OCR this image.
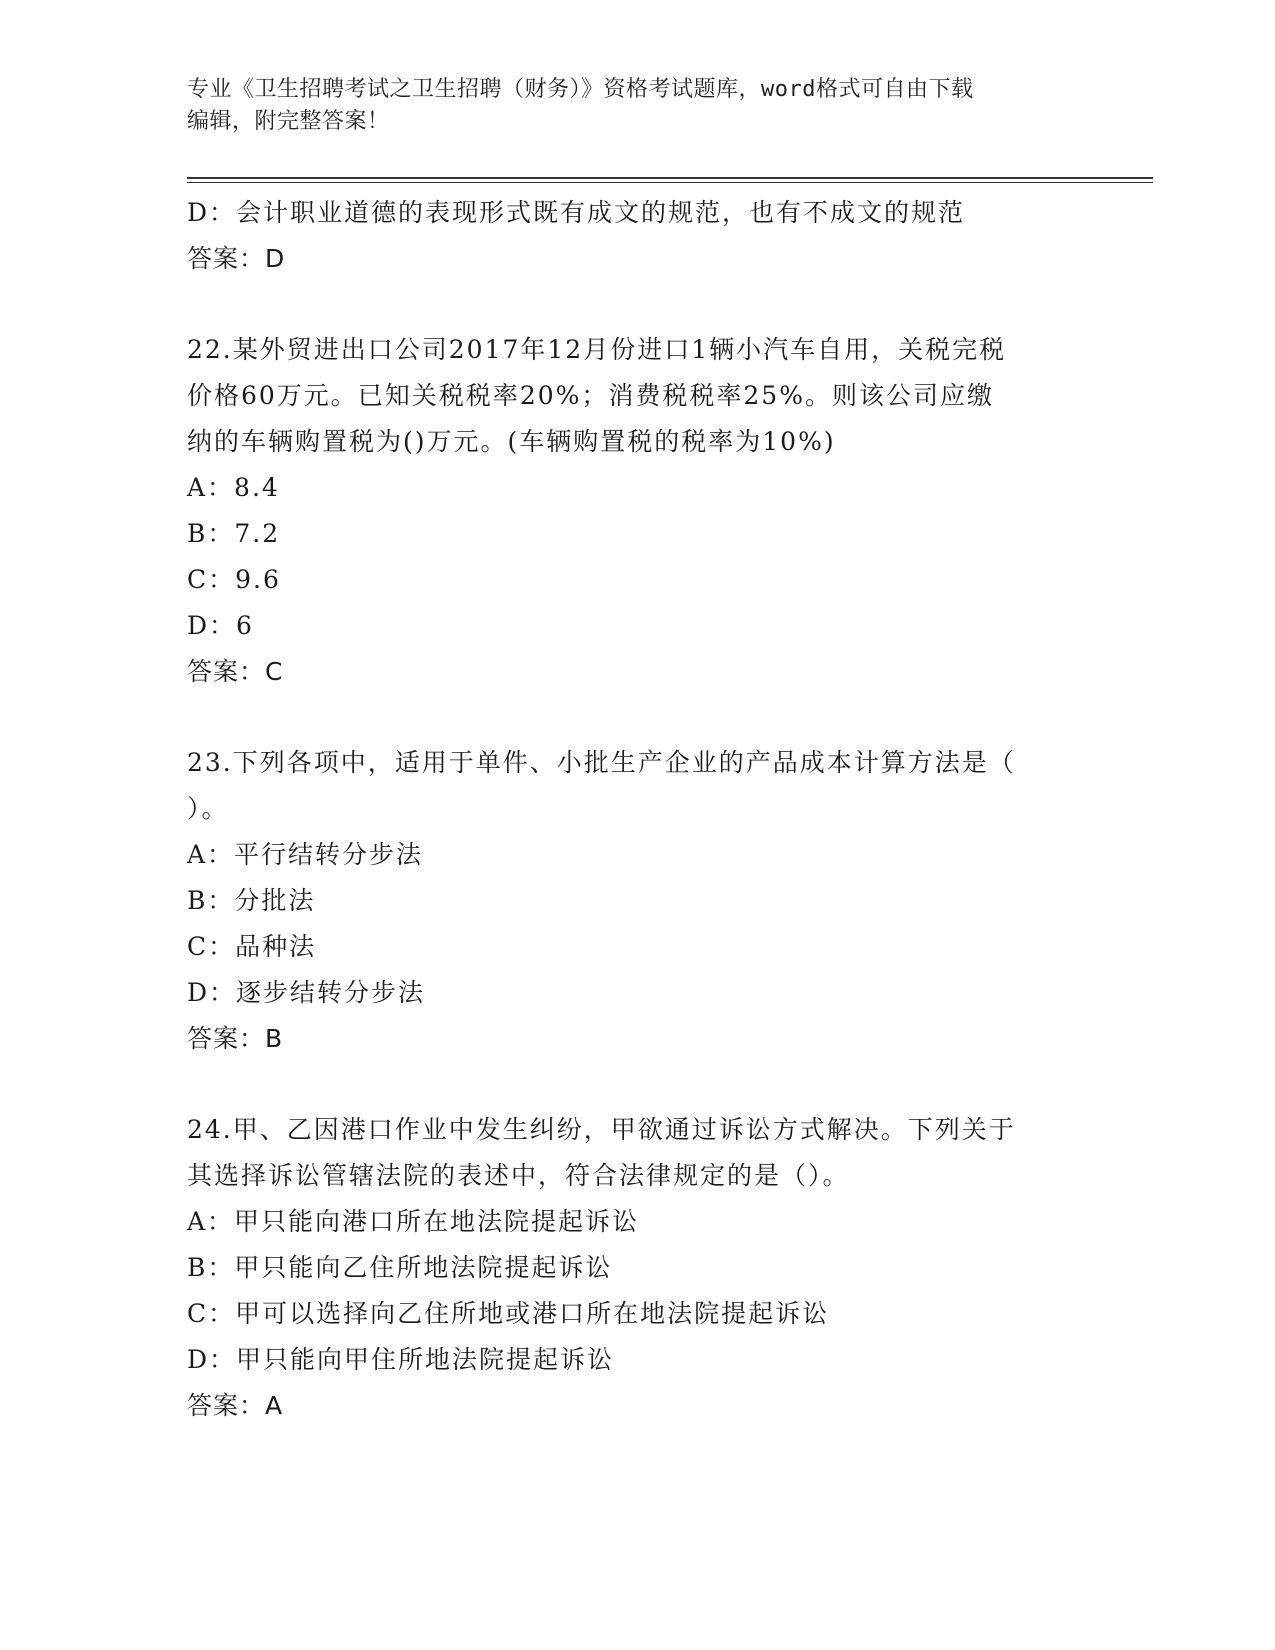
专业《卫生招聘考试之卫生招聘（财务）》资格考试题库，word格式可自由下载
编辑，附完整答案！
D：会计职业道德的表现形式既有成文的规范，也有不成文的规范
答案：D
22.某外贸进出口公司2017年12月份进口1辆小汽车自用，关税完税
价格60万元。已知关税税率20%；消费税税率25%。则该公司应缴
纳的车辆购置税为()万元。(车辆购置税的税率为10%)
A：8.4
B：7.2
C：9.6
D：6
答案：C
23.下列各项中，适用于单件、小批生产企业的产品成本计算方法是（
）。
A：平行结转分步法
B：分批法
C：品种法
D：逐步结转分步法
答案：B
24.甲、乙因港口作业中发生纠纷，甲欲通过诉讼方式解决。下列关于
其选择诉讼管辖法院的表述中，符合法律规定的是（）。
A：甲只能向港口所在地法院提起诉讼
B：甲只能向乙住所地法院提起诉讼
C：甲可以选择向乙住所地或港口所在地法院提起诉讼
D：甲只能向甲住所地法院提起诉讼
答案：A
